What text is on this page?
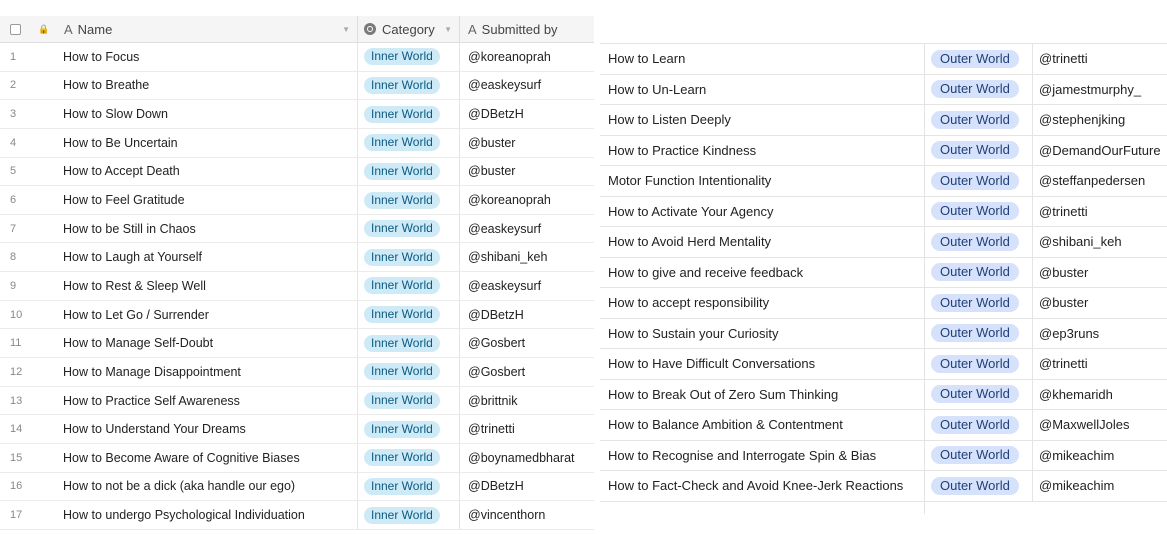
🔒	A Name	▼ Category ▼ A Submitted by
1	How to Focus	Inner World	@koreanoprah
2	How to Breathe	Inner World	@easkeysurf
3	How to Slow Down	Inner World	@DBetzH
4	How to Be Uncertain	Inner World	@buster
5	How to Accept Death	Inner World	@buster
6	How to Feel Gratitude	Inner World	@koreanoprah
7	How to be Still in Chaos	Inner World	@easkeysurf
8	How to Laugh at Yourself	Inner World	@shibani_keh
9	How to Rest & Sleep Well	Inner World	@easkeysurf
10	How to Let Go / Surrender	Inner World	@DBetzH
11	How to Manage Self-Doubt	Inner World	@Gosbert
12	How to Manage Disappointment	Inner World	@Gosbert
13	How to Practice Self Awareness	Inner World	@brittnik
14	How to Understand Your Dreams	Inner World	@trinetti
15	How to Become Aware of Cognitive Biases	Inner World	@boynamedbharat
16	How to not be a dick (aka handle our ego)	Inner World	@DBetzH
17	How to undergo Psychological Individuation	Inner World	@vincenthorn
How to Learn	Outer World	@trinetti
How to Un-Learn	Outer World	@jamestmurphy_
How to Listen Deeply	Outer World	@stephenjking
How to Practice Kindness	Outer World	@DemandOurFuture
Motor Function Intentionality	Outer World	@steffanpedersen
How to Activate Your Agency	Outer World	@trinetti
How to Avoid Herd Mentality	Outer World	@shibani_keh
How to give and receive feedback	Outer World	@buster
How to accept responsibility	Outer World	@buster
How to Sustain your Curiosity	Outer World	@ep3runs
How to Have Difficult Conversations	Outer World	@trinetti
How to Break Out of Zero Sum Thinking	Outer World	@khemaridh
How to Balance Ambition & Contentment	Outer World	@MaxwellJoles
How to Recognise and Interrogate Spin & Bias	Outer World	@mikeachim
How to Fact-Check and Avoid Knee-Jerk Reactions	Outer World	@mikeachim
